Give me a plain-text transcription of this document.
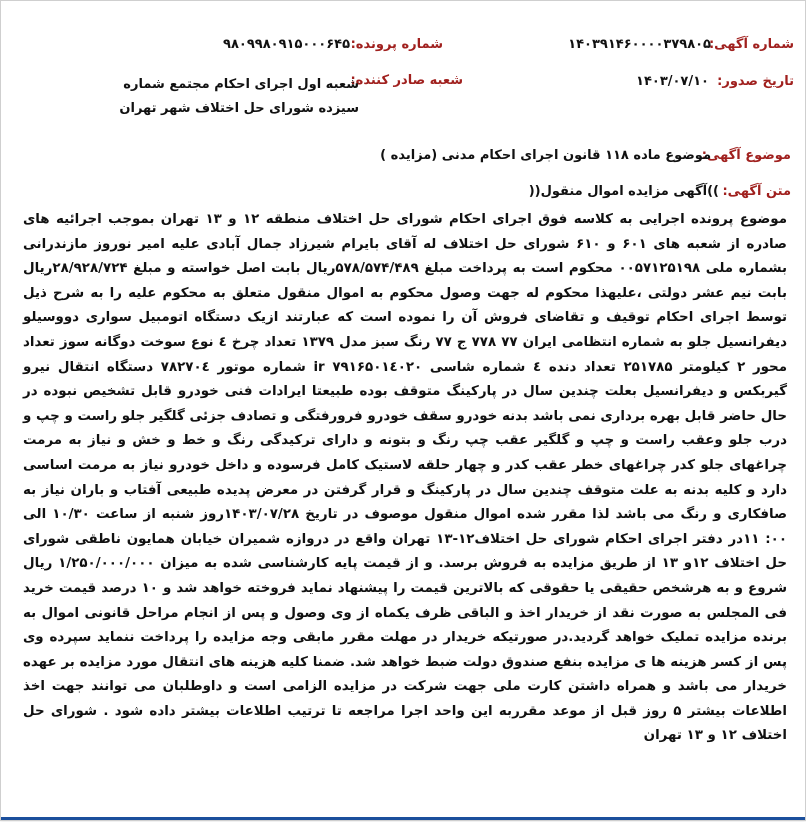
شماره آگهی:
۱۴۰۳۹۱۴۶۰۰۰۰۳۷۹۸۰۵
تاریخ صدور:
۱۴۰۳/۰۷/۱۰
شماره پرونده:
۹۸۰۹۹۸۰۹۱۵۰۰۰۶۴۵
شعبه صادر کننده:
شعبه اول اجرای احکام مجتمع شماره سیزده شورای حل اختلاف شهر تهران
موضوع آگهی:
موضوع ماده ۱۱۸ قانون اجرای احکام مدنی (مزایده )
متن آگهی:
))آگهی مزایده اموال منقول((
موضوع پرونده اجرایی به کلاسه فوق اجرای احکام شورای حل اختلاف منطقه ۱۲ و ۱۳ تهران بموجب اجرائیه های صادره از شعبه های ۶۰۱ و ۶۱۰ شورای حل اختلاف له آقای بایرام شیرزاد جمال آبادی علیه امیر نوروز مازندرانی بشماره ملی ۰۰۵۷۱۲۵۱۹۸ محکوم است به پرداخت مبلغ ۵۷۸/۵۷۴/۴۸۹ریال بابت اصل خواسته و مبلغ ۲۸/۹۲۸/۷۲۴ریال بابت نیم عشر دولتی ،علیهذا محکوم له جهت وصول محکوم به اموال منقول متعلق به محکوم علیه را به شرح ذیل توسط اجرای احکام توقیف و تقاضای فروش آن را نموده است که عبارتند ازیک دستگاه اتومبیل سواری دووسیلو دیفرانسیل جلو به شماره انتظامی ایران ۷۷ ۷۷۸ ج ۷۷ رنگ سبز مدل ۱۳۷۹ تعداد چرخ ٤ نوع سوخت دوگانه سوز تعداد محور ۲ کیلومتر ۲۵۱۷۸۵ تعداد دنده ٤ شماره شاسی ۷۹۱۶۵۰۱٤۰۲۰ ir شماره موتور ۷۸۲۷۰٤ دستگاه انتقال نیرو گیربکس و دیفرانسیل بعلت چندین سال در پارکینگ متوقف بوده طبیعتا ایرادات فنی خودرو قابل تشخیص نبوده در حال حاضر قابل بهره برداری نمی باشد بدنه خودرو سقف خودرو فرورفتگی و تصادف جزئی گلگیر جلو راست و چپ و درب جلو وعقب راست و چپ و گلگیر عقب چپ رنگ و بتونه و دارای ترکیدگی رنگ و خط و خش و نیاز به مرمت چراغهای جلو کدر چراغهای خطر عقب کدر و چهار حلقه لاستیک کامل فرسوده و داخل خودرو نیاز به مرمت اساسی دارد و کلیه بدنه به علت متوقف چندین سال در پارکینگ و قرار گرفتن در معرض پدیده طبیعی آفتاب و باران نیاز به صافکاری و رنگ می باشد لذا مقرر شده اموال منقول موصوف در تاریخ ۱۴۰۳/۰۷/۲۸روز شنبه از ساعت ۱۰/۳۰ الی ۰۰: ۱۱در دفتر اجرای احکام شورای حل اختلاف۱۲-۱۳ تهران واقع در دروازه شمیران خیابان همایون ناطقی شورای حل اختلاف ۱۲و ۱۳ از طریق مزایده به فروش برسد. و از قیمت پایه کارشناسی شده به میزان ۱/۲۵۰/۰۰۰/۰۰۰ ریال شروع و به هرشخص حقیقی یا حقوقی که بالاترین قیمت را پیشنهاد نماید فروخته خواهد شد و ۱۰ درصد قیمت خرید فی المجلس به صورت نقد از خریدار اخذ و الباقی ظرف یکماه از وی وصول و پس از انجام مراحل قانونی اموال به برنده مزایده تملیک خواهد گردید.در صورتیکه خریدار در مهلت مقرر مابقی وجه مزایده را پرداخت ننماید سپرده وی پس از کسر هزینه ها ی مزایده بنفع صندوق دولت ضبط خواهد شد. ضمنا کلیه هزینه های انتقال مورد مزایده بر عهده خریدار می باشد و همراه داشتن کارت ملی جهت شرکت در مزایده الزامی است و داوطلبان می توانند جهت اخذ اطلاعات بیشتر ۵ روز قبل از موعد مقرربه این واحد اجرا مراجعه تا ترتیب اطلاعات بیشتر داده شود . شورای حل اختلاف ۱۲ و ۱۳ تهران
